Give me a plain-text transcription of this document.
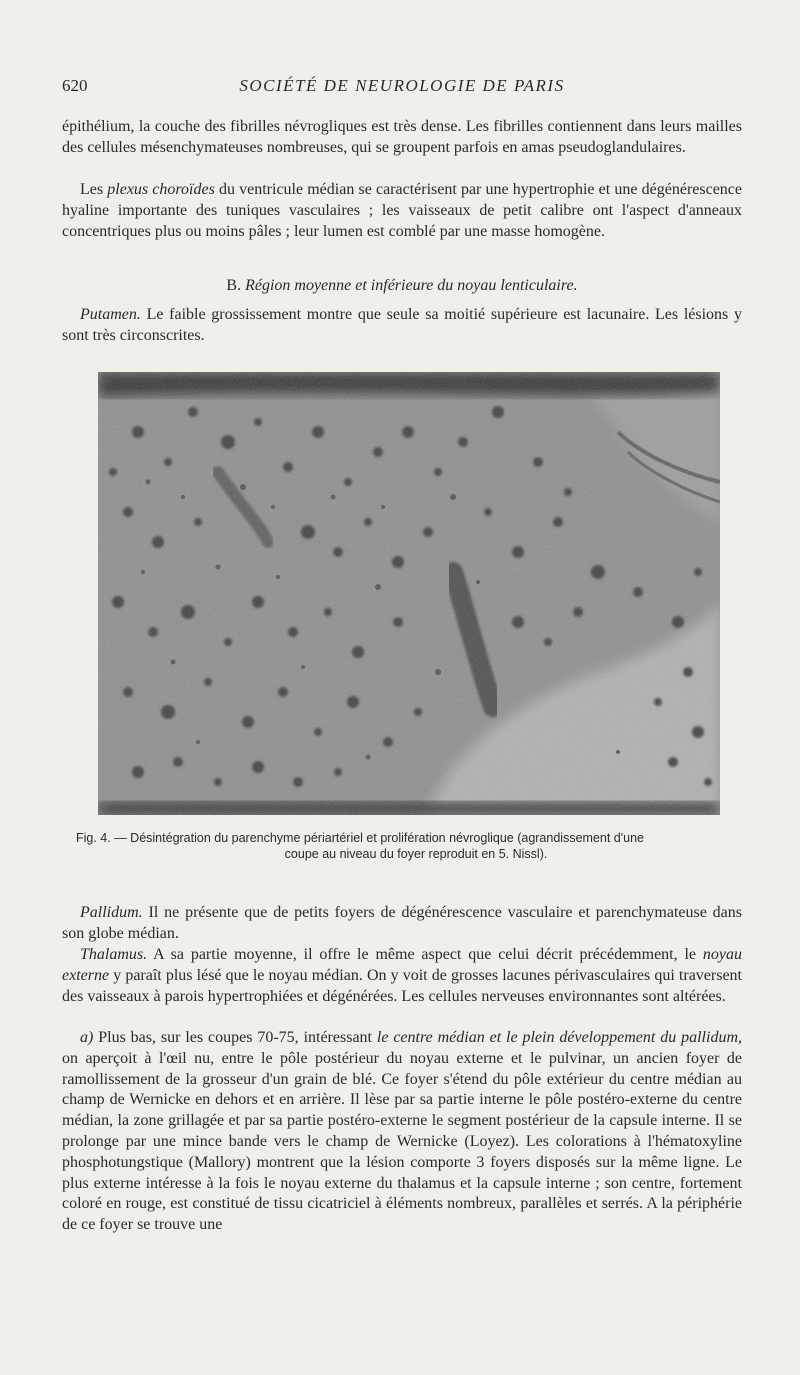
620	SOCIÉTÉ DE NEUROLOGIE DE PARIS

épithélium, la couche des fibrilles névrogliques est très dense. Les fibrilles contiennent dans leurs mailles des cellules mésenchymateuses nombreuses, qui se groupent parfois en amas pseudoglandulaires.

Les plexus choroïdes du ventricule médian se caractérisent par une hypertrophie et une dégénérescence hyaline importante des tuniques vasculaires ; les vaisseaux de petit calibre ont l'aspect d'anneaux concentriques plus ou moins pâles ; leur lumen est comblé par une masse homogène.

B. Région moyenne et inférieure du noyau lenticulaire.

Putamen. Le faible grossissement montre que seule sa moitié supérieure est lacunaire. Les lésions y sont très circonscrites.

Fig. 4. — Désintégration du parenchyme périartériel et prolifération névroglique (agrandissement d'une
coupe au niveau du foyer reproduit en 5. Nissl).

Pallidum. Il ne présente que de petits foyers de dégénérescence vasculaire et parenchymateuse dans son globe médian.

Thalamus. A sa partie moyenne, il offre le même aspect que celui décrit précédemment, le noyau externe y paraît plus lésé que le noyau médian. On y voit de grosses lacunes périvasculaires qui traversent des vaisseaux à parois hypertrophiées et dégénérées. Les cellules nerveuses environnantes sont altérées.

a) Plus bas, sur les coupes 70-75, intéressant le centre médian et le plein développement du pallidum, on aperçoit à l'œil nu, entre le pôle postérieur du noyau externe et le pulvinar, un ancien foyer de ramollissement de la grosseur d'un grain de blé. Ce foyer s'étend du pôle extérieur du centre médian au champ de Wernicke en dehors et en arrière. Il lèse par sa partie interne le pôle postéro-externe du centre médian, la zone grillagée et par sa partie postéro-externe le segment postérieur de la capsule interne. Il se prolonge par une mince bande vers le champ de Wernicke (Loyez). Les colorations à l'hématoxyline phosphotungstique (Mallory) montrent que la lésion comporte 3 foyers disposés sur la même ligne. Le plus externe intéresse à la fois le noyau externe du thalamus et la capsule interne ; son centre, fortement coloré en rouge, est constitué de tissu cicatriciel à éléments nombreux, parallèles et serrés. A la périphérie de ce foyer se trouve une
